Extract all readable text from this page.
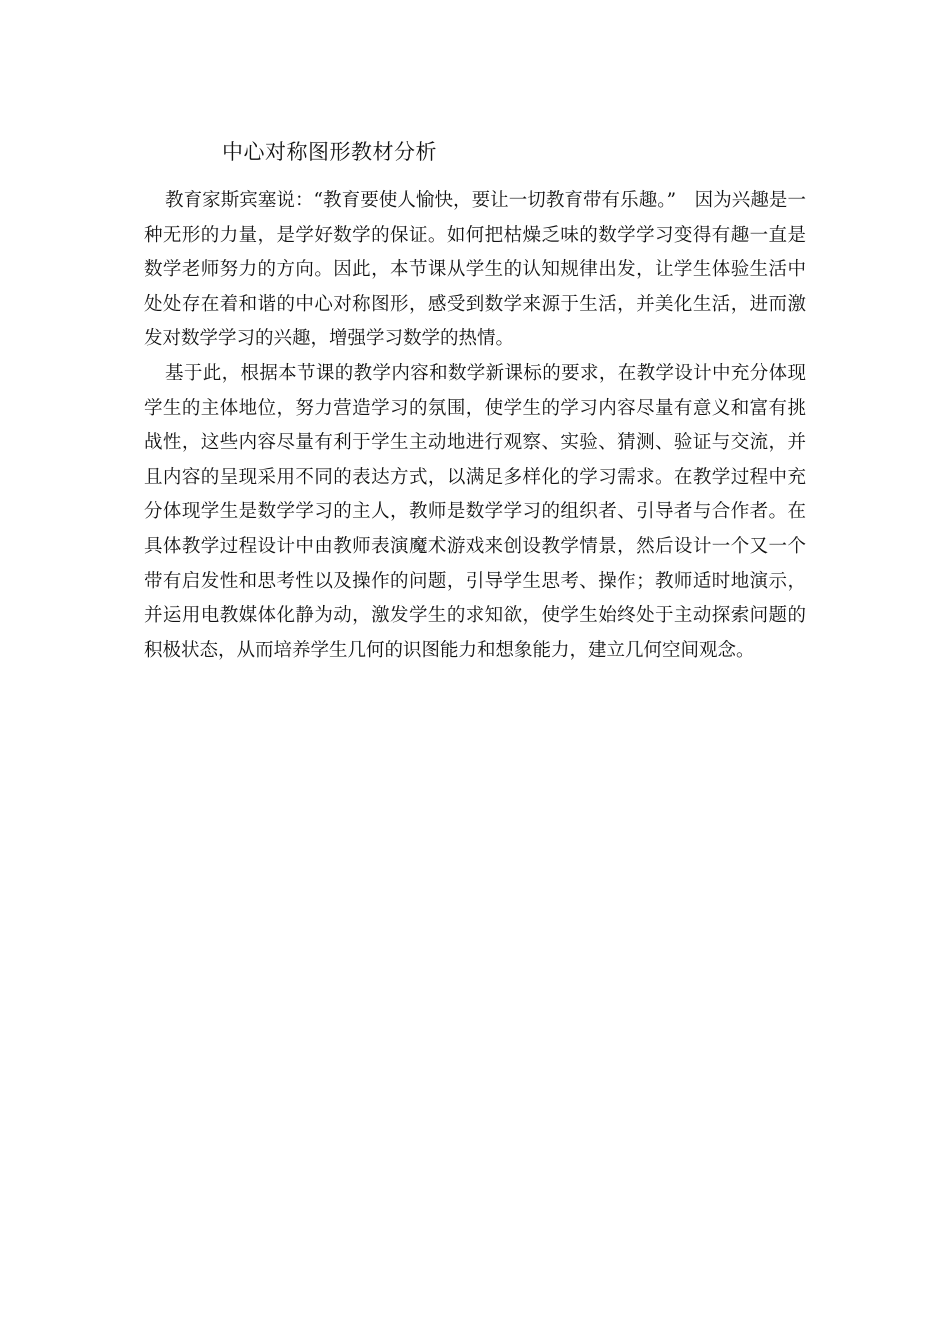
中心对称图形教材分析

教育家斯宾塞说：“教育要使人愉快，要让一切教育带有乐趣。”　因为兴趣是一种无形的力量，是学好数学的保证。如何把枯燥乏味的数学学习变得有趣一直是数学老师努力的方向。因此，本节课从学生的认知规律出发，让学生体验生活中处处存在着和谐的中心对称图形，感受到数学来源于生活，并美化生活，进而激发对数学学习的兴趣，增强学习数学的热情。

基于此，根据本节课的教学内容和数学新课标的要求，在教学设计中充分体现学生的主体地位，努力营造学习的氛围，使学生的学习内容尽量有意义和富有挑战性，这些内容尽量有利于学生主动地进行观察、实验、猜测、验证与交流，并且内容的呈现采用不同的表达方式，以满足多样化的学习需求。在教学过程中充分体现学生是数学学习的主人，教师是数学学习的组织者、引导者与合作者。在具体教学过程设计中由教师表演魔术游戏来创设教学情景，然后设计一个又一个带有启发性和思考性以及操作的问题，引导学生思考、操作；教师适时地演示，并运用电教媒体化静为动，激发学生的求知欲，使学生始终处于主动探索问题的积极状态，从而培养学生几何的识图能力和想象能力，建立几何空间观念。
